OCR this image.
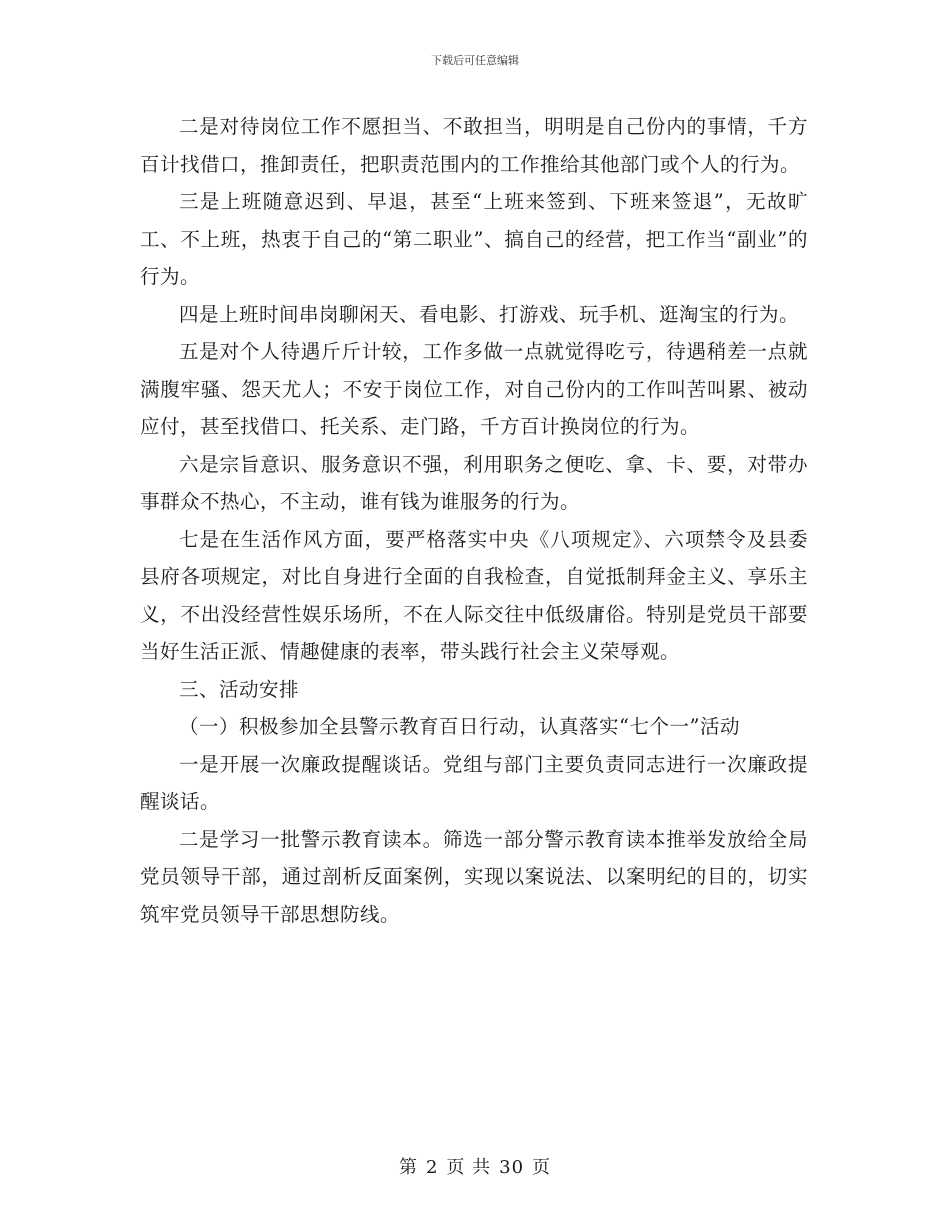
下载后可任意编辑

二是对待岗位工作不愿担当、不敢担当，明明是自己份内的事情，千方百计找借口，推卸责任，把职责范围内的工作推给其他部门或个人的行为。

三是上班随意迟到、早退，甚至“上班来签到、下班来签退”，无故旷工、不上班，热衷于自己的“第二职业”、搞自己的经营，把工作当“副业”的行为。

四是上班时间串岗聊闲天、看电影、打游戏、玩手机、逛淘宝的行为。

五是对个人待遇斤斤计较，工作多做一点就觉得吃亏，待遇稍差一点就满腹牢骚、怨天尤人；不安于岗位工作，对自己份内的工作叫苦叫累、被动应付，甚至找借口、托关系、走门路，千方百计换岗位的行为。

六是宗旨意识、服务意识不强，利用职务之便吃、拿、卡、要，对带办事群众不热心，不主动，谁有钱为谁服务的行为。

七是在生活作风方面，要严格落实中央《八项规定》、六项禁令及县委县府各项规定，对比自身进行全面的自我检查，自觉抵制拜金主义、享乐主义，不出没经营性娱乐场所，不在人际交往中低级庸俗。特别是党员干部要当好生活正派、情趣健康的表率，带头践行社会主义荣辱观。

三、活动安排

（一）积极参加全县警示教育百日行动，认真落实“七个一”活动

一是开展一次廉政提醒谈话。党组与部门主要负责同志进行一次廉政提醒谈话。

二是学习一批警示教育读本。筛选一部分警示教育读本推举发放给全局党员领导干部，通过剖析反面案例，实现以案说法、以案明纪的目的，切实筑牢党员领导干部思想防线。

第 2 页 共 30 页
